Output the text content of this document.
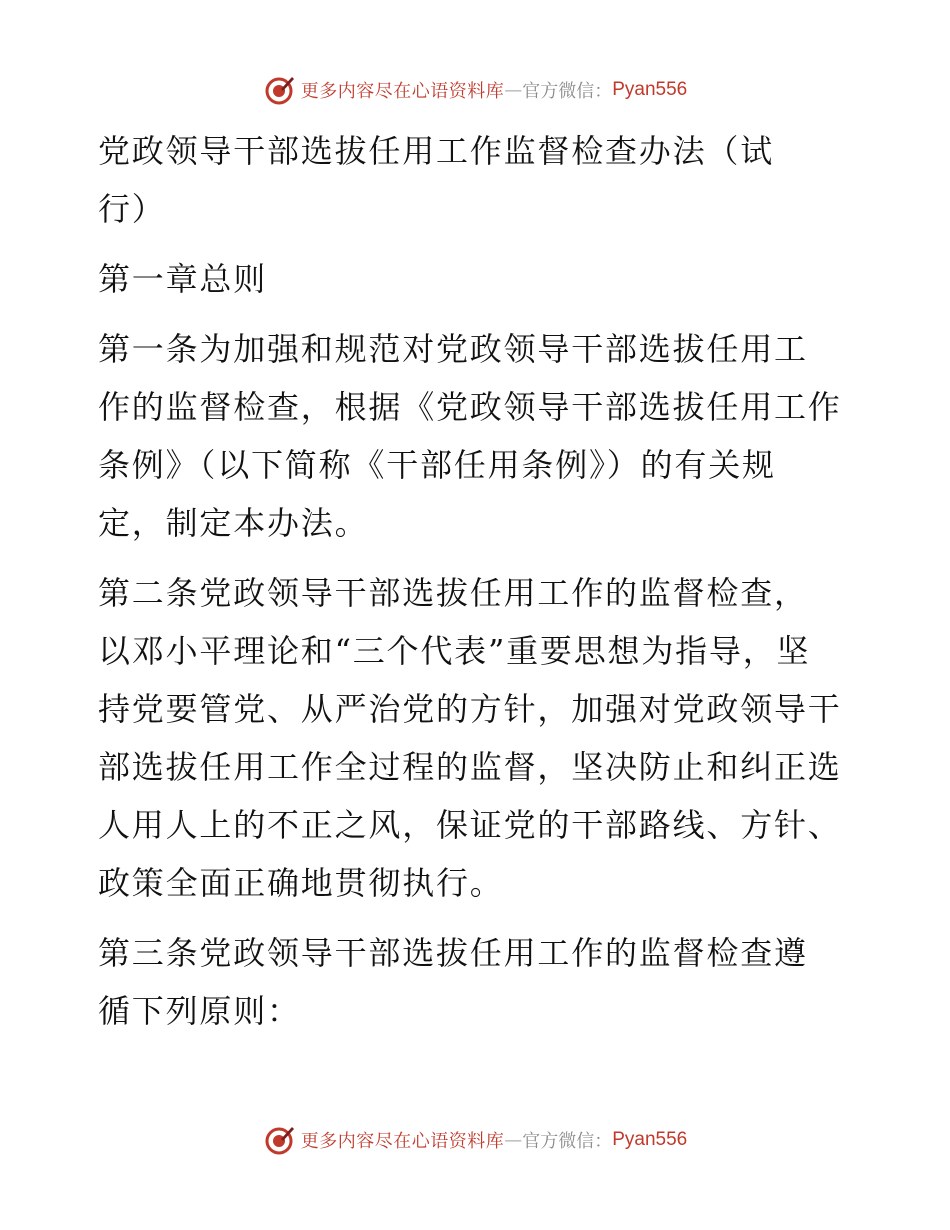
更多内容尽在心语资料库 — 官方微信： Pyan556

党政领导干部选拔任用工作监督检查办法（试
行）

第一章总则

第一条为加强和规范对党政领导干部选拔任用工
作的监督检查，根据《党政领导干部选拔任用工作
条例》（以下简称《干部任用条例》）的有关规
定，制定本办法。

第二条党政领导干部选拔任用工作的监督检查，
以邓小平理论和“三个代表”重要思想为指导，坚
持党要管党、从严治党的方针，加强对党政领导干
部选拔任用工作全过程的监督，坚决防止和纠正选
人用人上的不正之风，保证党的干部路线、方针、
政策全面正确地贯彻执行。

第三条党政领导干部选拔任用工作的监督检查遵
循下列原则：

更多内容尽在心语资料库 — 官方微信： Pyan556
